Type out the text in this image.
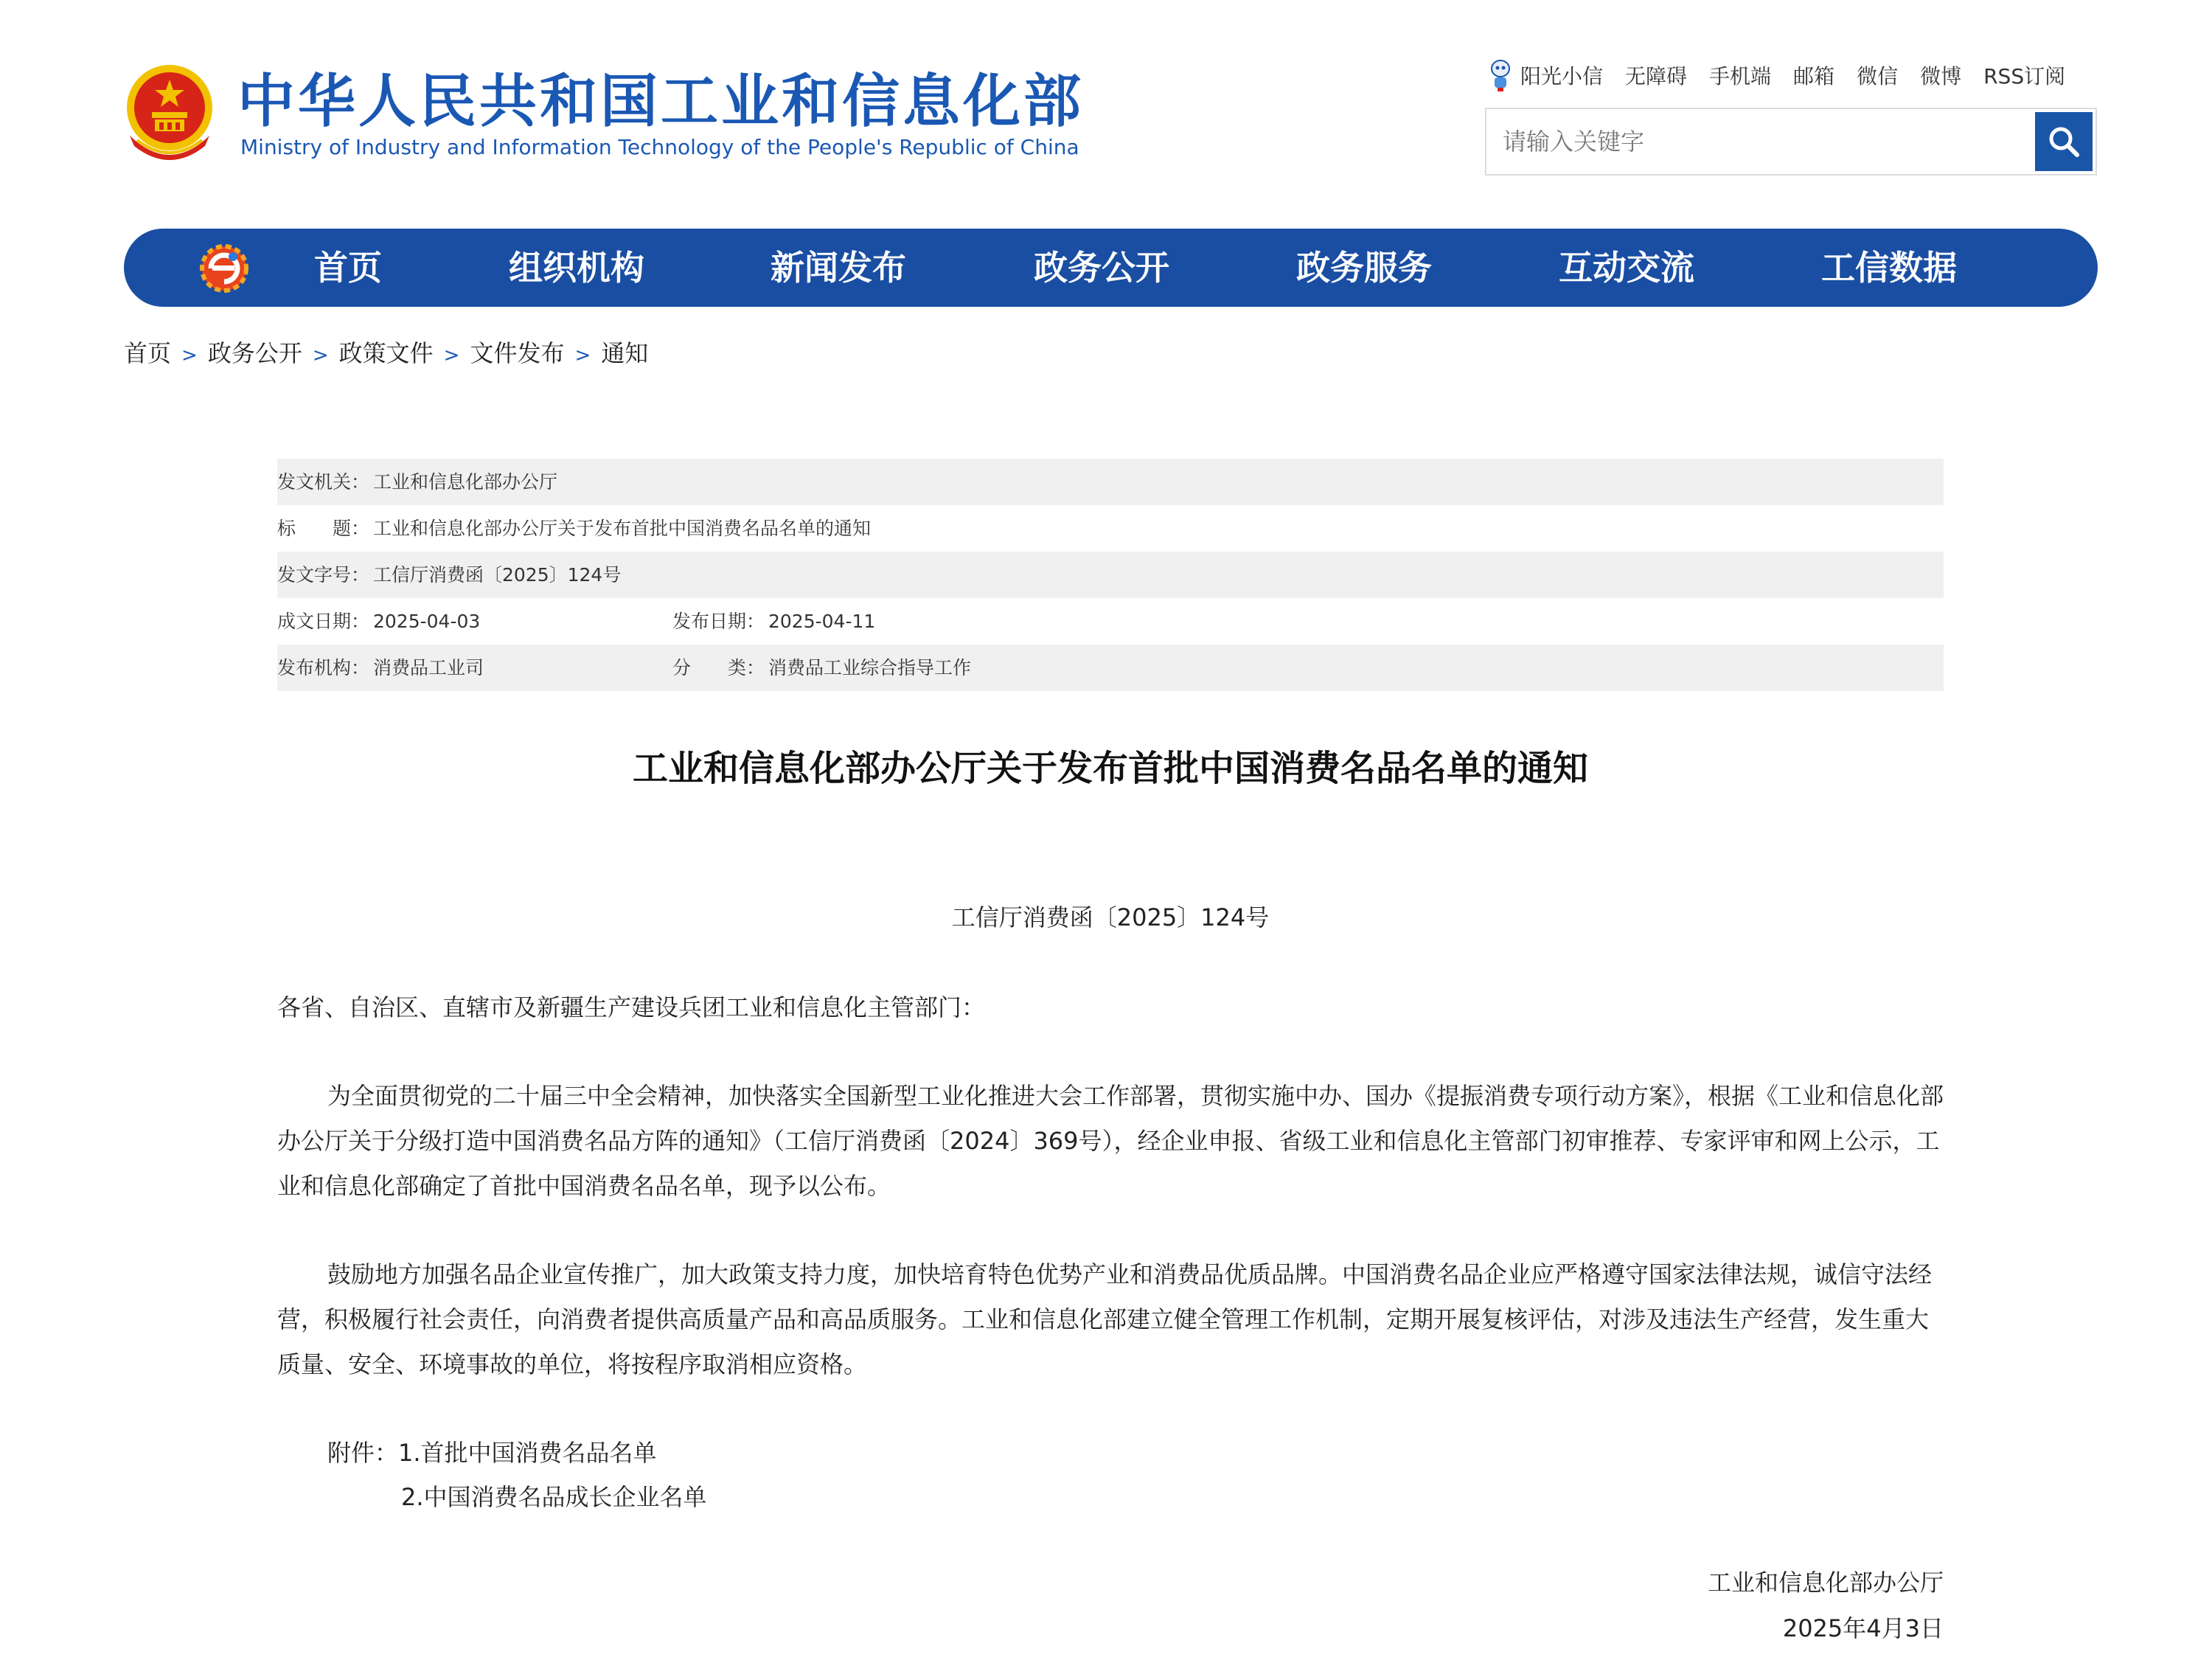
中华人民共和国工业和信息化部
Ministry of Industry and Information Technology of the People's Republic of China
阳光小信 无障碍 手机端 邮箱 微信 微博 RSS订阅
请输入关键字
首页	组织机构	新闻发布	政务公开	政务服务	互动交流	工信数据
首页 > 政务公开 > 政策文件 > 文件发布 > 通知
发文机关： 工业和信息化部办公厅
标　　题： 工业和信息化部办公厅关于发布首批中国消费名品名单的通知
发文字号： 工信厅消费函〔2025〕124号
成文日期： 2025-04-03	发布日期： 2025-04-11
发布机构： 消费品工业司	分　　类： 消费品工业综合指导工作
工业和信息化部办公厅关于发布首批中国消费名品名单的通知
工信厅消费函〔2025〕124号
各省、自治区、直辖市及新疆生产建设兵团工业和信息化主管部门：
为全面贯彻党的二十届三中全会精神，加快落实全国新型工业化推进大会工作部署，贯彻实施中办、国办《提振消费专项行动方案》，根据《工业和信息化部办公厅关于分级打造中国消费名品方阵的通知》（工信厅消费函〔2024〕369号），经企业申报、省级工业和信息化主管部门初审推荐、专家评审和网上公示，工业和信息化部确定了首批中国消费名品名单，现予以公布。
鼓励地方加强名品企业宣传推广，加大政策支持力度，加快培育特色优势产业和消费品优质品牌。中国消费名品企业应严格遵守国家法律法规，诚信守法经营，积极履行社会责任，向消费者提供高质量产品和高品质服务。工业和信息化部建立健全管理工作机制，定期开展复核评估，对涉及违法生产经营，发生重大质量、安全、环境事故的单位，将按程序取消相应资格。
附件：1.首批中国消费名品名单
2.中国消费名品成长企业名单
工业和信息化部办公厅
2025年4月3日
